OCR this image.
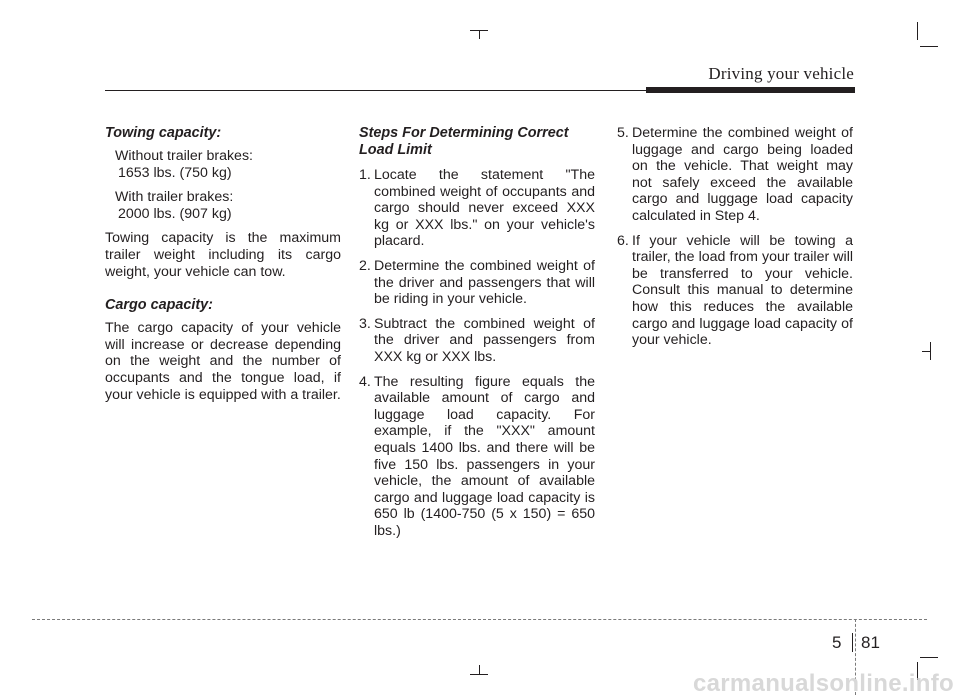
Driving your vehicle
Towing capacity:
Without trailer brakes:
1653 lbs. (750 kg)
With trailer brakes:
2000 lbs. (907 kg)

Towing capacity is the maximum trailer weight including its cargo weight, your vehicle can tow.

Cargo capacity:

The cargo capacity of your vehicle will increase or decrease depending on the weight and the number of occupants and the tongue load, if your vehicle is equipped with a trailer.

Steps For Determining Correct
Load Limit
1. Locate the statement "The combined weight of occupants and cargo should never exceed XXX kg or XXX lbs." on your vehicle's placard.
2. Determine the combined weight of the driver and passengers that will be riding in your vehicle.
3. Subtract the combined weight of the driver and passengers from XXX kg or XXX lbs.
4. The resulting figure equals the available amount of cargo and luggage load capacity. For example, if the "XXX" amount equals 1400 lbs. and there will be five 150 lbs. passengers in your vehicle, the amount of available cargo and luggage load capacity is 650 lb (1400-750 (5 x 150) = 650 lbs.)
5. Determine the combined weight of luggage and cargo being loaded on the vehicle. That weight may not safely exceed the available cargo and luggage load capacity calculated in Step 4.
6. If your vehicle will be towing a trailer, the load from your trailer will be transferred to your vehicle. Consult this manual to determine how this reduces the available cargo and luggage load capacity of your vehicle.
5 81
carmanualsonline.info
